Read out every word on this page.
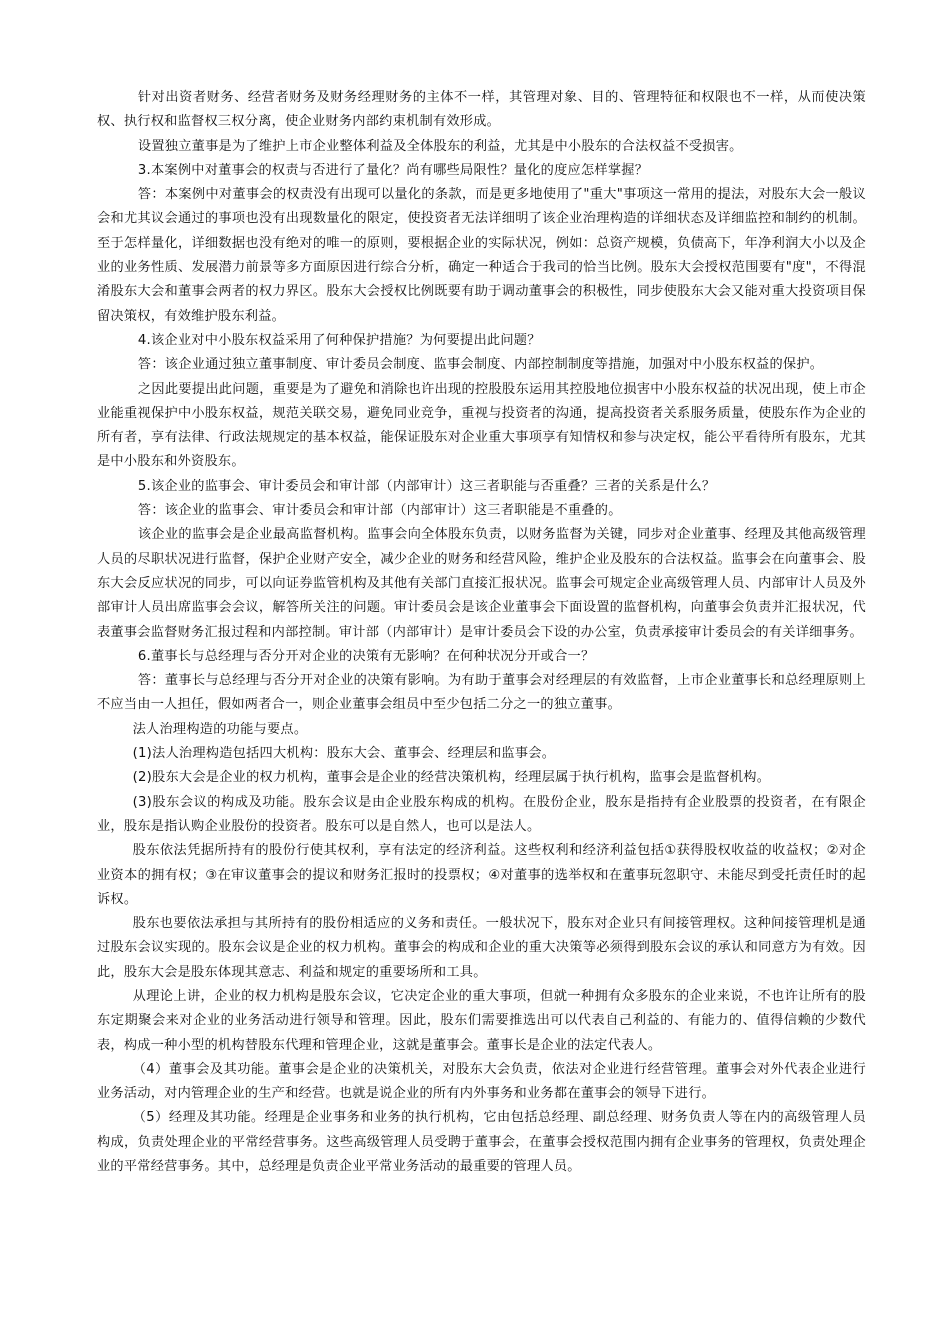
针对出资者财务、经营者财务及财务经理财务的主体不一样，其管理对象、目的、管理特征和权限也不一样，从而使决策权、执行权和监督权三权分离，使企业财务内部约束机制有效形成。

设置独立董事是为了维护上市企业整体利益及全体股东的利益，尤其是中小股东的合法权益不受损害。

3.本案例中对董事会的权责与否进行了量化？尚有哪些局限性？量化的度应怎样掌握？

答：本案例中对董事会的权责没有出现可以量化的条款，而是更多地使用了"重大"事项这一常用的提法，对股东大会一般议会和尤其议会通过的事项也没有出现数量化的限定，使投资者无法详细明了该企业治理构造的详细状态及详细监控和制约的机制。至于怎样量化，详细数据也没有绝对的唯一的原则，要根据企业的实际状况，例如：总资产规模，负债高下，年净利润大小以及企业的业务性质、发展潜力前景等多方面原因进行综合分析，确定一种适合于我司的恰当比例。股东大会授权范围要有"度"，不得混淆股东大会和董事会两者的权力界区。股东大会授权比例既要有助于调动董事会的积极性，同步使股东大会又能对重大投资项目保留决策权，有效维护股东利益。

4.该企业对中小股东权益采用了何种保护措施？为何要提出此问题？

答：该企业通过独立董事制度、审计委员会制度、监事会制度、内部控制制度等措施，加强对中小股东权益的保护。

之因此要提出此问题，重要是为了避免和消除也许出现的控股股东运用其控股地位损害中小股东权益的状况出现，使上市企业能重视保护中小股东权益，规范关联交易，避免同业竞争，重视与投资者的沟通，提高投资者关系服务质量，使股东作为企业的所有者，享有法律、行政法规规定的基本权益，能保证股东对企业重大事项享有知情权和参与决定权，能公平看待所有股东，尤其是中小股东和外资股东。

5.该企业的监事会、审计委员会和审计部（内部审计）这三者职能与否重叠？三者的关系是什么？

答：该企业的监事会、审计委员会和审计部（内部审计）这三者职能是不重叠的。

该企业的监事会是企业最高监督机构。监事会向全体股东负责，以财务监督为关键，同步对企业董事、经理及其他高级管理人员的尽职状况进行监督，保护企业财产安全，减少企业的财务和经营风险，维护企业及股东的合法权益。监事会在向董事会、股东大会反应状况的同步，可以向证券监管机构及其他有关部门直接汇报状况。监事会可规定企业高级管理人员、内部审计人员及外部审计人员出席监事会会议，解答所关注的问题。审计委员会是该企业董事会下面设置的监督机构，向董事会负责并汇报状况，代表董事会监督财务汇报过程和内部控制。审计部（内部审计）是审计委员会下设的办公室，负责承接审计委员会的有关详细事务。

6.董事长与总经理与否分开对企业的决策有无影响？在何种状况分开或合一？

答：董事长与总经理与否分开对企业的决策有影响。为有助于董事会对经理层的有效监督，上市企业董事长和总经理原则上不应当由一人担任，假如两者合一，则企业董事会组员中至少包括二分之一的独立董事。

法人治理构造的功能与要点。

(1)法人治理构造包括四大机构：股东大会、董事会、经理层和监事会。

(2)股东大会是企业的权力机构，董事会是企业的经营决策机构，经理层属于执行机构，监事会是监督机构。

(3)股东会议的构成及功能。股东会议是由企业股东构成的机构。在股份企业，股东是指持有企业股票的投资者，在有限企业，股东是指认购企业股份的投资者。股东可以是自然人，也可以是法人。

股东依法凭据所持有的股份行使其权利，享有法定的经济利益。这些权利和经济利益包括①获得股权收益的收益权；②对企业资本的拥有权；③在审议董事会的提议和财务汇报时的投票权；④对董事的选举权和在董事玩忽职守、未能尽到受托责任时的起诉权。

股东也要依法承担与其所持有的股份相适应的义务和责任。一般状况下，股东对企业只有间接管理权。这种间接管理机是通过股东会议实现的。股东会议是企业的权力机构。董事会的构成和企业的重大决策等必须得到股东会议的承认和同意方为有效。因此，股东大会是股东体现其意志、利益和规定的重要场所和工具。

从理论上讲，企业的权力机构是股东会议，它决定企业的重大事项，但就一种拥有众多股东的企业来说，不也许让所有的股东定期聚会来对企业的业务活动进行领导和管理。因此，股东们需要推选出可以代表自己利益的、有能力的、值得信赖的少数代表，构成一种小型的机构替股东代理和管理企业，这就是董事会。董事长是企业的法定代表人。

（4）董事会及其功能。董事会是企业的决策机关，对股东大会负责，依法对企业进行经营管理。董事会对外代表企业进行业务活动，对内管理企业的生产和经营。也就是说企业的所有内外事务和业务都在董事会的领导下进行。

（5）经理及其功能。经理是企业事务和业务的执行机构，它由包括总经理、副总经理、财务负责人等在内的高级管理人员构成，负责处理企业的平常经营事务。这些高级管理人员受聘于董事会，在董事会授权范围内拥有企业事务的管理权，负责处理企业的平常经营事务。其中，总经理是负责企业平常业务活动的最重要的管理人员。
